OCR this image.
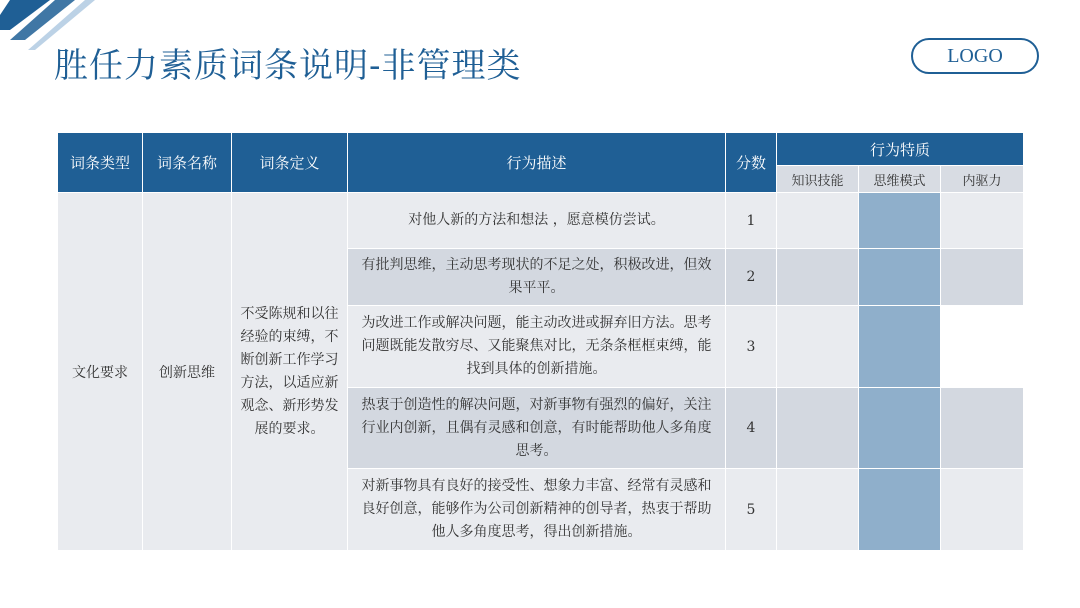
胜任力素质词条说明-非管理类	LOGO
词条类型	词条名称	词条定义	行为描述	分数	行为特质		
					知识技能	思维模式	内驱力
文化要求	创新思维	不受陈规和以往经验的束缚，不断创新工作学习方法，以适应新观念、新形势发展的要求。	对他人新的方法和想法 ，愿意模仿尝试。	1			
			有批判思维，主动思考现状的不足之处，积极改进，但效果平平。	2			
			为改进工作或解决问题，能主动改进或摒弃旧方法。思考问题既能发散穷尽、又能聚焦对比，无条条框框束缚，能找到具体的创新措施。	3			
			热衷于创造性的解决问题，对新事物有强烈的偏好，关注行业内创新，且偶有灵感和创意，有时能帮助他人多角度思考。	4			
			对新事物具有良好的接受性、想象力丰富、经常有灵感和良好创意，能够作为公司创新精神的创导者，热衷于帮助他人多角度思考，得出创新措施。	5			
